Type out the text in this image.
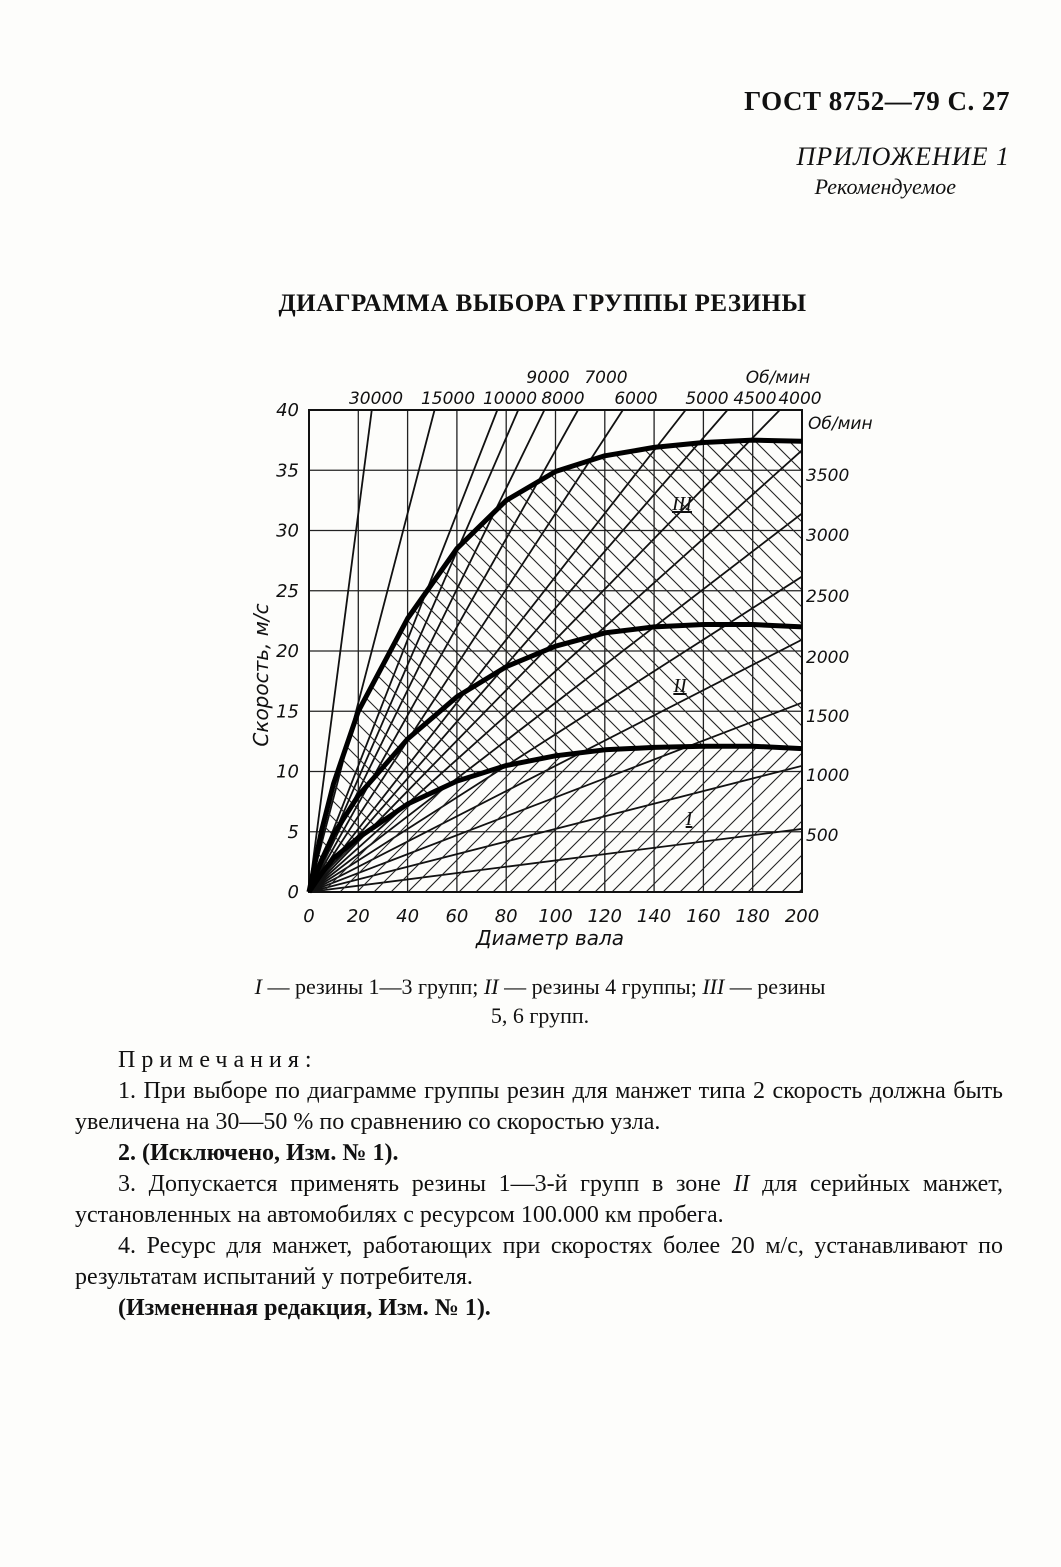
ГОСТ 8752—79 С. 27
ПРИЛОЖЕНИЕ 1
Рекомендуемое
ДИАГРАММА ВЫБОРА ГРУППЫ РЕЗИНЫ
0 20 40 60 80 100 120 140 160 180 200
0
5
10
15
20
25
30
35
40
Диаметр вала
Скорость, м/с
9000 7000	Об/мин
30000 15000 10000 8000 6000 5000 4500 4000
Об/мин
3500
3000
2500
2000
1500
1000
500
III
II
I
I — резины 1—3 групп; II — резины 4 группы; III — резины
5, 6 групп.

Примечания:

1. При выборе по диаграмме группы резин для манжет типа 2 скорость должна быть увеличена на 30—50 % по сравнению со скоростью узла.

2. (Исключено, Изм. № 1).

3. Допускается применять резины 1—3-й групп в зоне II для серийных манжет, установленных на автомобилях с ресурсом 100.000 км пробега.

4. Ресурс для манжет, работающих при скоростях более 20 м/с, устанавливают по результатам испытаний у потребителя.

(Измененная редакция, Изм. № 1).
